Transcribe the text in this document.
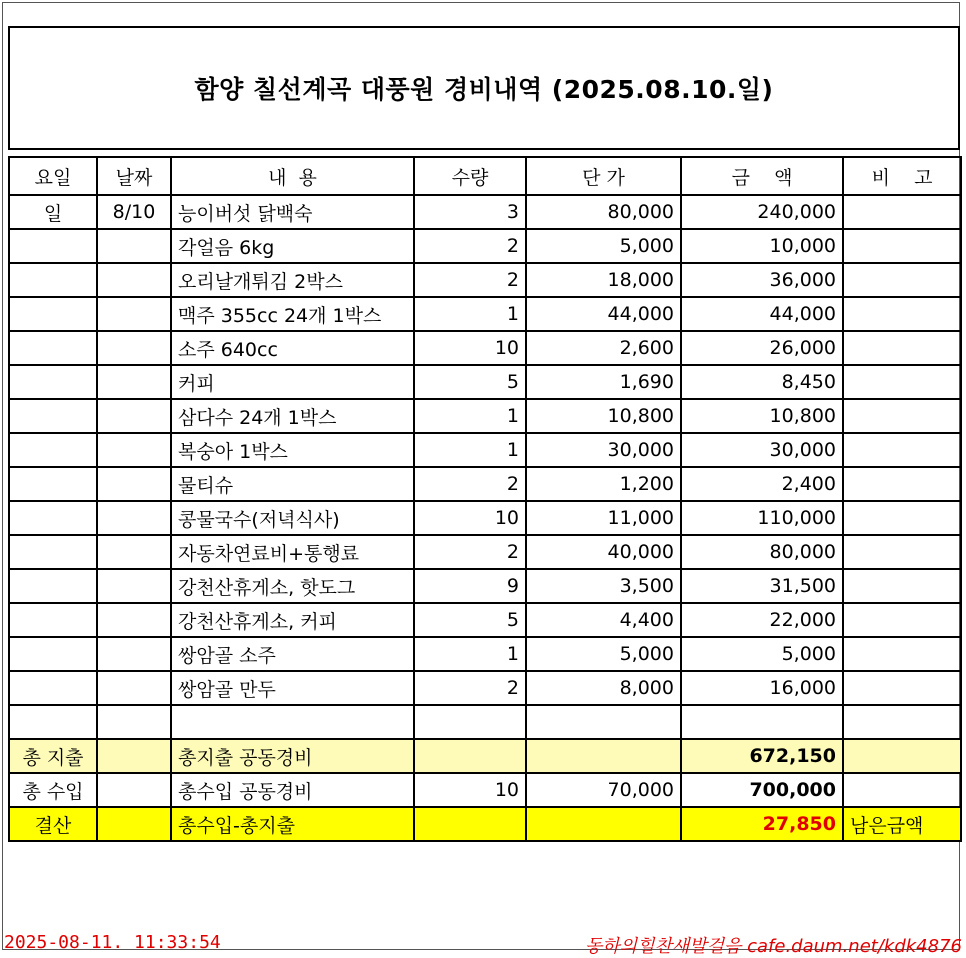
함양 칠선계곡 대풍원 경비내역 (2025.08.10.일)
요일	날짜	내  용	수량	단 가	금    액	비    고
일	8/10	능이버섯 닭백숙	3	80,000	240,000	
		각얼음 6kg	2	5,000	10,000	
		오리날개튀김 2박스	2	18,000	36,000	
		맥주 355cc 24개 1박스	1	44,000	44,000	
		소주 640cc	10	2,600	26,000	
		커피	5	1,690	8,450	
		삼다수 24개 1박스	1	10,800	10,800	
		복숭아 1박스	1	30,000	30,000	
		물티슈	2	1,200	2,400	
		콩물국수(저녁식사)	10	11,000	110,000	
		자동차연료비+통행료	2	40,000	80,000	
		강천산휴게소, 핫도그	9	3,500	31,500	
		강천산휴게소, 커피	5	4,400	22,000	
		쌍암골 소주	1	5,000	5,000	
		쌍암골 만두	2	8,000	16,000	

총 지출		총지출 공동경비			672,150	
총 수입		총수입 공동경비	10	70,000	700,000	
결산		총수입-총지출			27,850	남은금액
2025-08-11. 11:33:54	동하의힐찬새발걸음 cafe.daum.net/kdk4876
